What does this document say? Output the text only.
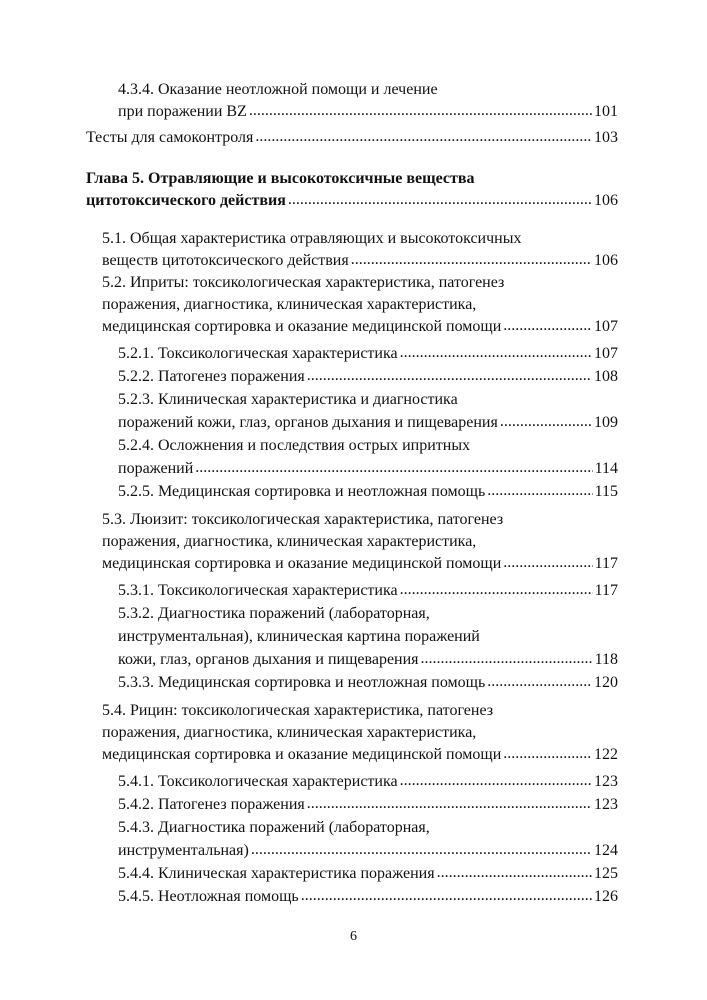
4.3.4. Оказание неотложной помощи и лечение
при поражении BZ .....	101
Тесты для самоконтроля .....	103
Глава 5. Отравляющие и высокотоксичные вещества
цитотоксического действия .....	106
5.1. Общая характеристика отравляющих и высокотоксичных
веществ цитотоксического действия .....	106
5.2. Иприты: токсикологическая характеристика, патогенез
поражения, диагностика, клиническая характеристика,
медицинская сортировка и оказание медицинской помощи .....	107
5.2.1. Токсикологическая характеристика .....	107
5.2.2. Патогенез поражения .....	108
5.2.3. Клиническая характеристика и диагностика
поражений кожи, глаз, органов дыхания и пищеварения .....	109
5.2.4. Осложнения и последствия острых ипритных
поражений .....	114
5.2.5. Медицинская сортировка и неотложная помощь .....	115
5.3. Люизит: токсикологическая характеристика, патогенез
поражения, диагностика, клиническая характеристика,
медицинская сортировка и оказание медицинской помощи .....	117
5.3.1. Токсикологическая характеристика .....	117
5.3.2. Диагностика поражений (лабораторная,
инструментальная), клиническая картина поражений
кожи, глаз, органов дыхания и пищеварения .....	118
5.3.3. Медицинская сортировка и неотложная помощь .....	120
5.4. Рицин: токсикологическая характеристика, патогенез
поражения, диагностика, клиническая характеристика,
медицинская сортировка и оказание медицинской помощи .....	122
5.4.1. Токсикологическая характеристика .....	123
5.4.2. Патогенез поражения .....	123
5.4.3. Диагностика поражений (лабораторная,
инструментальная) .....	124
5.4.4. Клиническая характеристика поражения .....	125
5.4.5. Неотложная помощь .....	126
6
